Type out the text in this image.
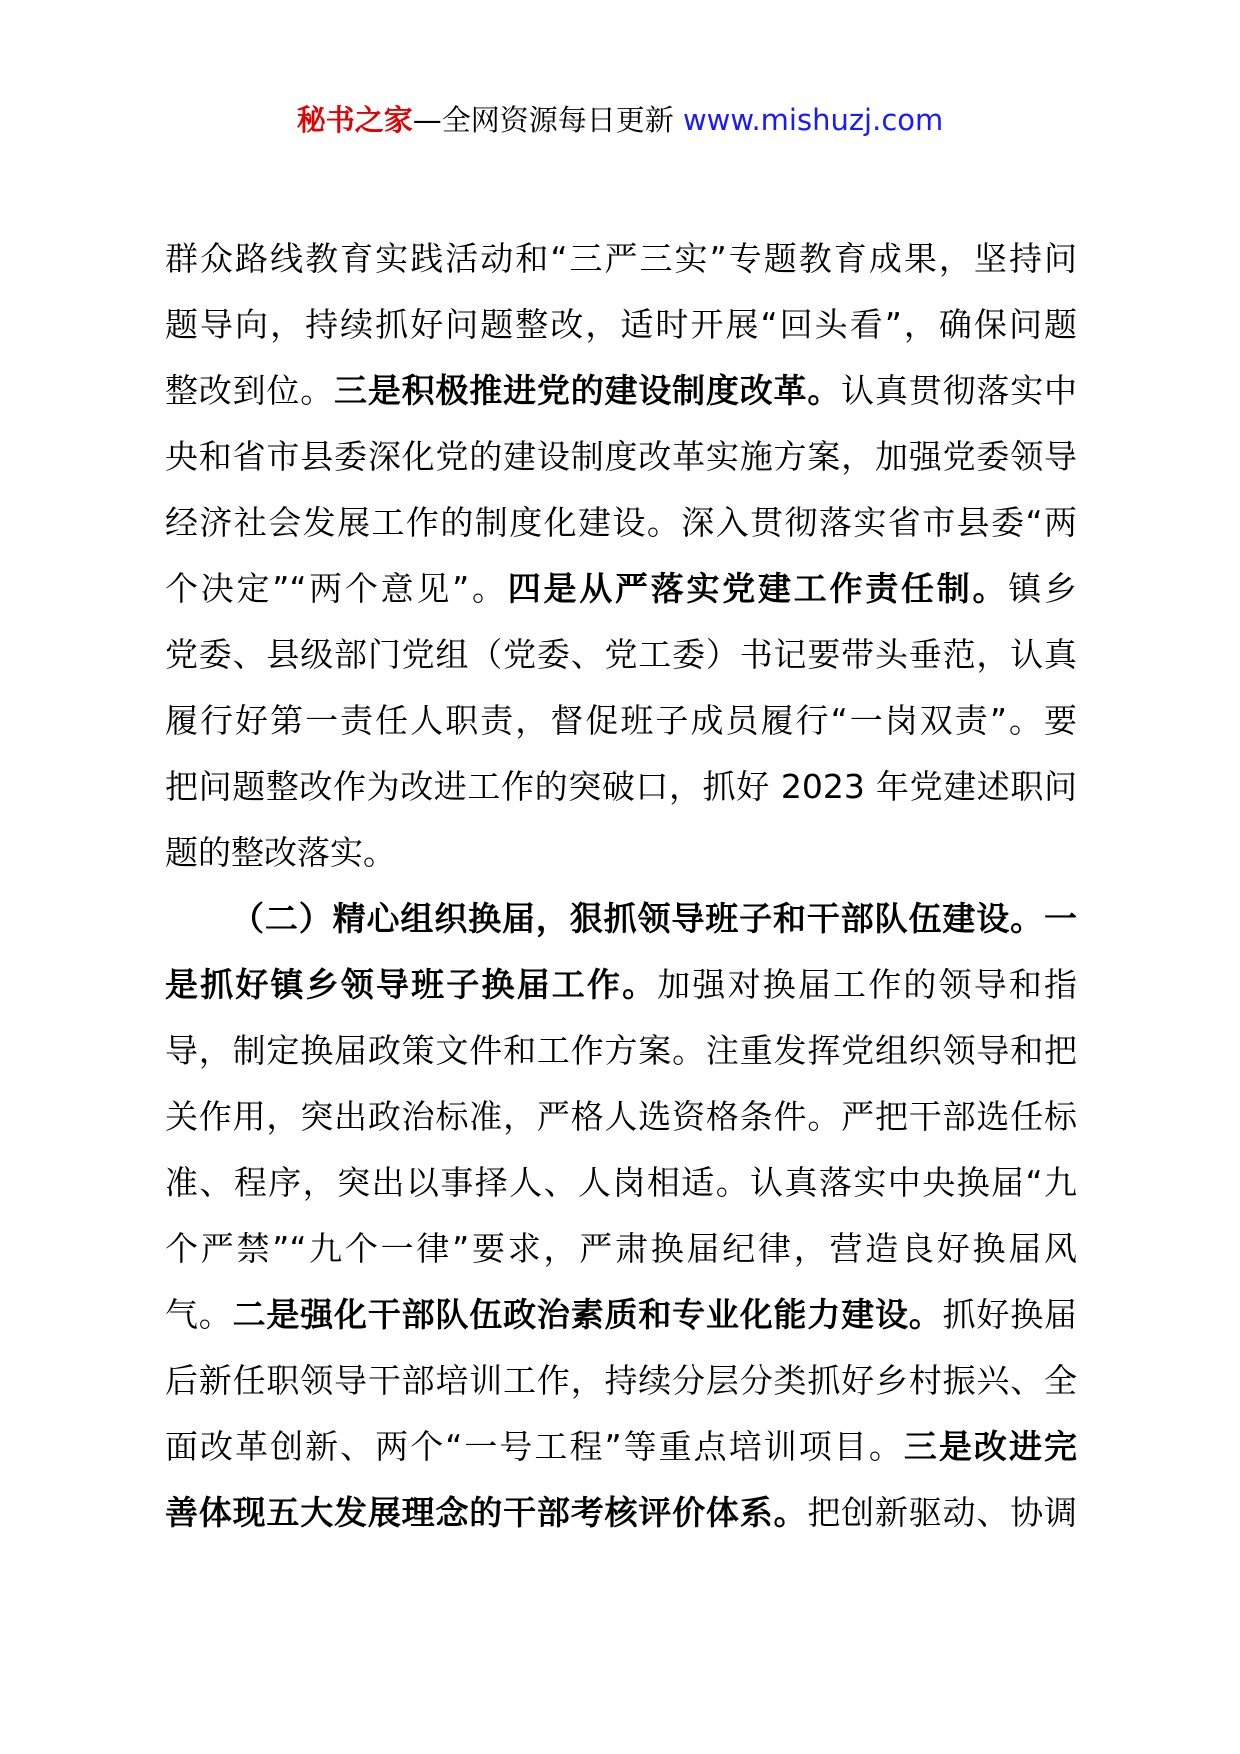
秘书之家—全网资源每日更新 www.mishuzj.com
群众路线教育实践活动和“三严三实”专题教育成果，坚持问
题导向，持续抓好问题整改，适时开展“回头看”，确保问题
整改到位。三是积极推进党的建设制度改革。认真贯彻落实中
央和省市县委深化党的建设制度改革实施方案，加强党委领导
经济社会发展工作的制度化建设。深入贯彻落实省市县委“两
个决定”“两个意见”。四是从严落实党建工作责任制。镇乡
党委、县级部门党组（党委、党工委）书记要带头垂范，认真
履行好第一责任人职责，督促班子成员履行“一岗双责”。要
把问题整改作为改进工作的突破口，抓好 2023 年党建述职问
题的整改落实。
（二）精心组织换届，狠抓领导班子和干部队伍建设。一
是抓好镇乡领导班子换届工作。加强对换届工作的领导和指
导，制定换届政策文件和工作方案。注重发挥党组织领导和把
关作用，突出政治标准，严格人选资格条件。严把干部选任标
准、程序，突出以事择人、人岗相适。认真落实中央换届“九
个严禁”“九个一律”要求，严肃换届纪律，营造良好换届风
气。二是强化干部队伍政治素质和专业化能力建设。抓好换届
后新任职领导干部培训工作，持续分层分类抓好乡村振兴、全
面改革创新、两个“一号工程”等重点培训项目。三是改进完
善体现五大发展理念的干部考核评价体系。把创新驱动、协调
